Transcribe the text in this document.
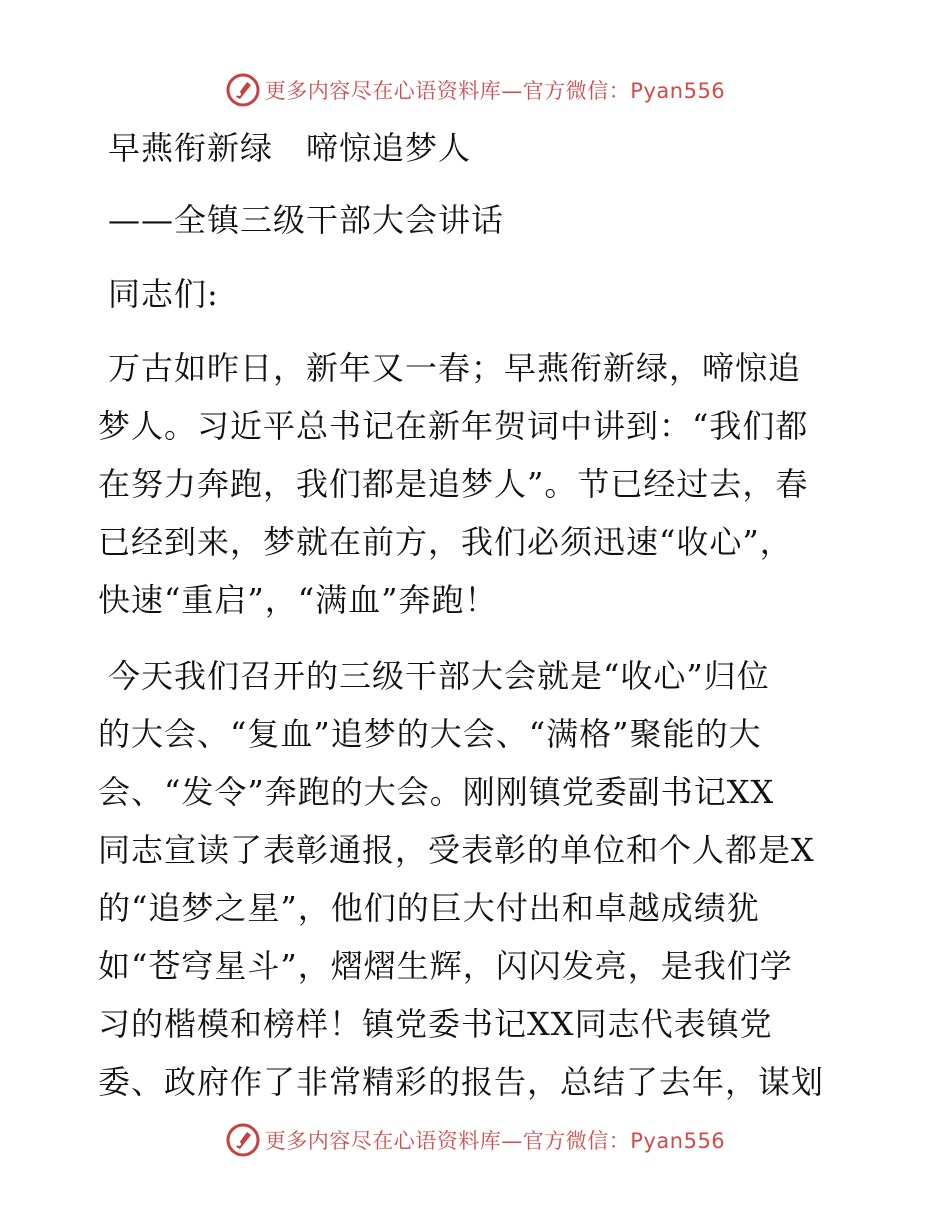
更多内容尽在心语资料库—官方微信：Pyan556
早燕衔新绿　啼惊追梦人
——全镇三级干部大会讲话
同志们:
万古如昨日，新年又一春；早燕衔新绿，啼惊追
梦人。习近平总书记在新年贺词中讲到：“我们都
在努力奔跑，我们都是追梦人”。节已经过去，春
已经到来，梦就在前方，我们必须迅速“收心”，
快速“重启”，“满血”奔跑！
今天我们召开的三级干部大会就是“收心”归位
的大会、“复血”追梦的大会、“满格”聚能的大
会、“发令”奔跑的大会。刚刚镇党委副书记XX
同志宣读了表彰通报，受表彰的单位和个人都是X
的“追梦之星”，他们的巨大付出和卓越成绩犹
如“苍穹星斗”，熠熠生辉，闪闪发亮，是我们学
习的楷模和榜样！镇党委书记XX同志代表镇党
委、政府作了非常精彩的报告，总结了去年，谋划
更多内容尽在心语资料库—官方微信：Pyan556
